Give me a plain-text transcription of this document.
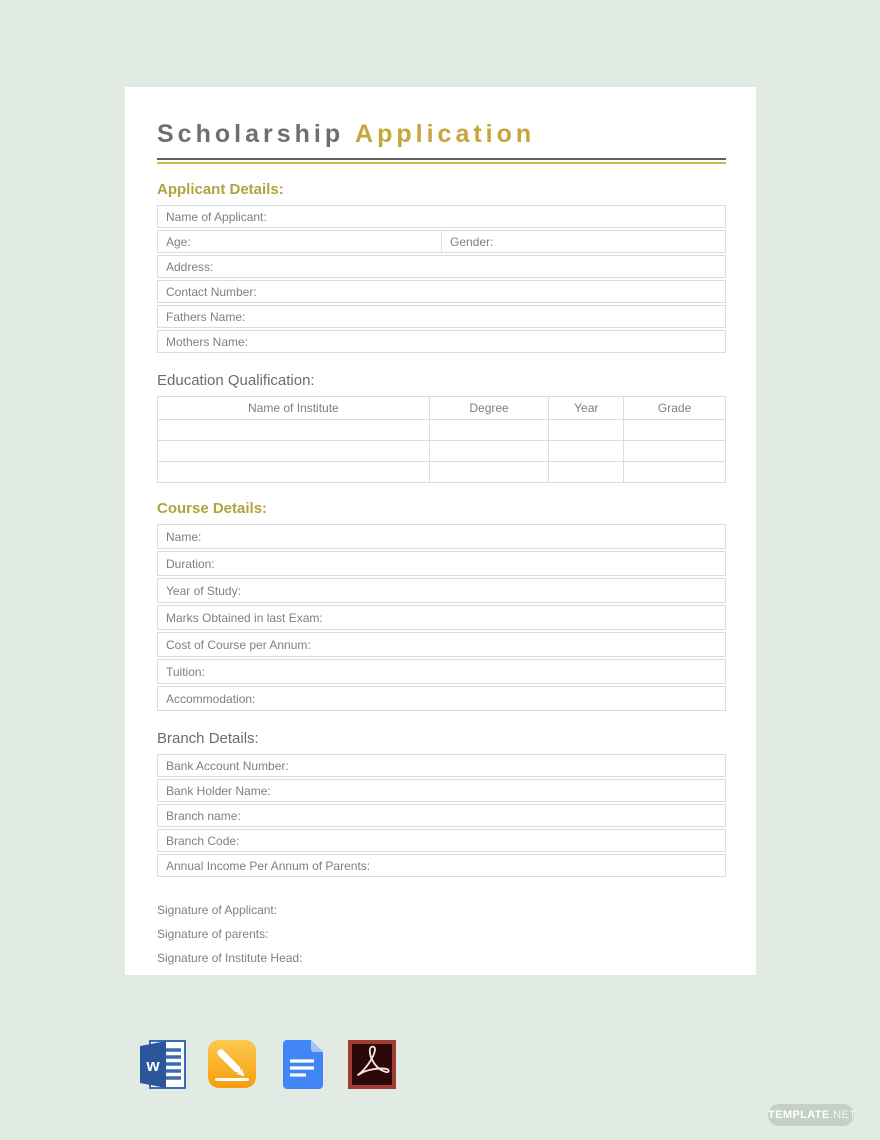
Scholarship Application
Applicant Details:
Name of Applicant:
Age:	Gender:
Address:
Contact Number:
Fathers Name:
Mothers Name:
Education Qualification:
Name of Institute	Degree	Year	Grade

Course Details:
Name:
Duration:
Year of Study:
Marks Obtained in last Exam:
Cost of Course per Annum:
Tuition:
Accommodation:
Branch Details:
Bank Account Number:
Bank Holder Name:
Branch name:
Branch Code:
Annual Income Per Annum of Parents:
Signature of Applicant:
Signature of parents:
Signature of Institute Head:
w
TEMPLATE.NET
